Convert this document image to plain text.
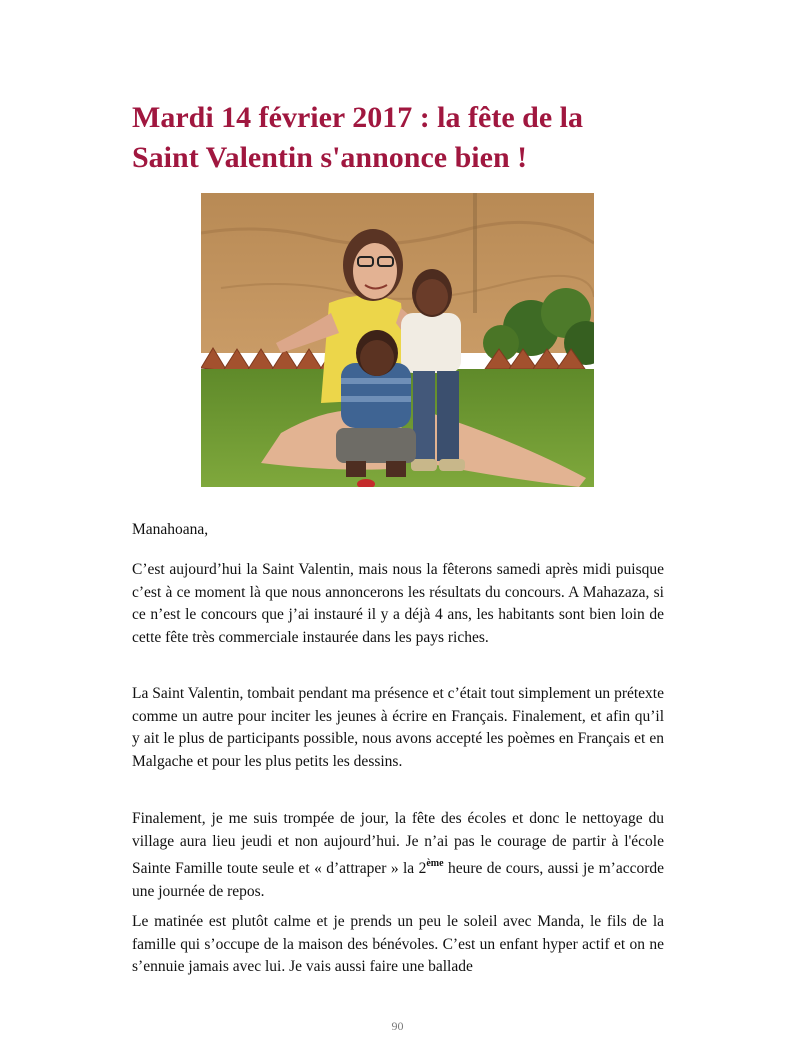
Mardi 14 février 2017 : la fête de la
Saint Valentin s'annonce bien !

Manahoana,

C’est aujourd’hui la Saint Valentin, mais nous la fêterons samedi après midi puisque c’est à ce moment là que nous annoncerons les résultats du concours. A Mahazaza, si ce n’est le concours que j’ai instauré il y a déjà 4 ans, les habitants sont bien loin de cette fête très commerciale instaurée dans les pays riches.

La Saint Valentin, tombait pendant ma présence et c’était tout simplement un prétexte comme un autre pour inciter les jeunes à écrire en Français. Finalement, et afin qu’il y ait le plus de participants possible, nous avons accepté les poèmes en Français et en Malgache et pour les plus petits les dessins.

Finalement, je me suis trompée de jour, la fête des écoles et donc le nettoyage du village aura lieu jeudi et non aujourd’hui. Je n’ai pas le courage de partir à l'école Sainte Famille toute seule et « d’attraper » la 2ème heure de cours, aussi je m’accorde une journée de repos.

Le matinée est plutôt calme et je prends un peu le soleil avec Manda, le fils de la famille qui s’occupe de la maison des bénévoles. C’est un enfant hyper actif et on ne s’ennuie jamais avec lui. Je vais aussi faire une ballade

90
